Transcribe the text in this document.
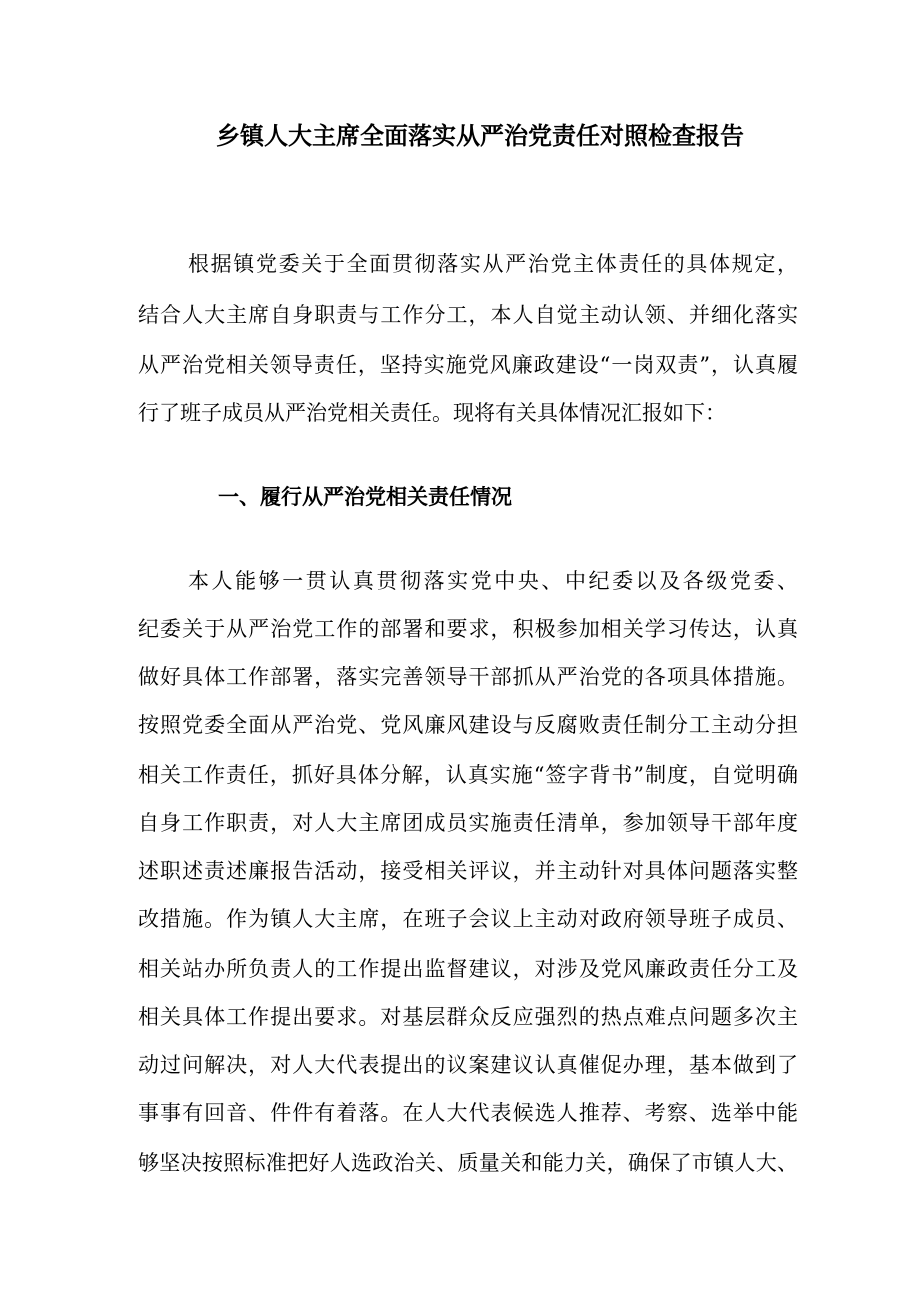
乡镇人大主席全面落实从严治党责任对照检查报告
根据镇党委关于全面贯彻落实从严治党主体责任的具体规定，
结合人大主席自身职责与工作分工，本人自觉主动认领、并细化落实
从严治党相关领导责任，坚持实施党风廉政建设“一岗双责”，认真履
行了班子成员从严治党相关责任。现将有关具体情况汇报如下：
一、履行从严治党相关责任情况
本人能够一贯认真贯彻落实党中央、中纪委以及各级党委、
纪委关于从严治党工作的部署和要求，积极参加相关学习传达，认真
做好具体工作部署，落实完善领导干部抓从严治党的各项具体措施。
按照党委全面从严治党、党风廉风建设与反腐败责任制分工主动分担
相关工作责任，抓好具体分解，认真实施“签字背书”制度，自觉明确
自身工作职责，对人大主席团成员实施责任清单，参加领导干部年度
述职述责述廉报告活动，接受相关评议，并主动针对具体问题落实整
改措施。作为镇人大主席，在班子会议上主动对政府领导班子成员、
相关站办所负责人的工作提出监督建议，对涉及党风廉政责任分工及
相关具体工作提出要求。对基层群众反应强烈的热点难点问题多次主
动过问解决，对人大代表提出的议案建议认真催促办理，基本做到了
事事有回音、件件有着落。在人大代表候选人推荐、考察、选举中能
够坚决按照标准把好人选政治关、质量关和能力关，确保了市镇人大、
